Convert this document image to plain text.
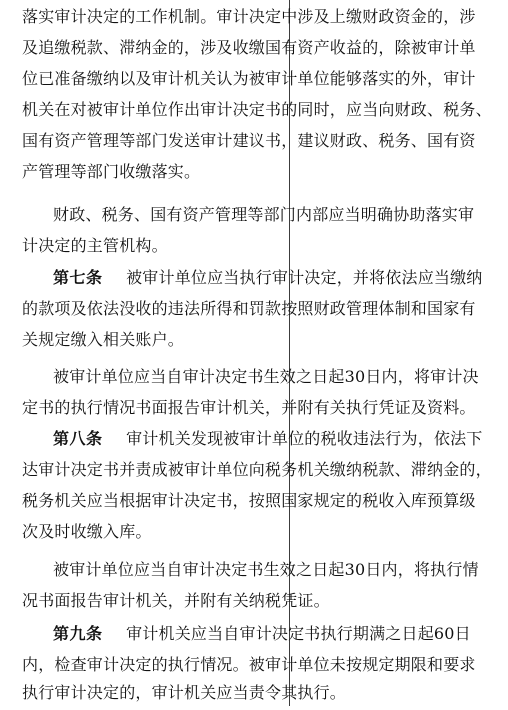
落实审计决定的工作机制。审计决定中涉及上缴财政资金的，涉
及追缴税款、滞纳金的，涉及收缴国有资产收益的，除被审计单
位已准备缴纳以及审计机关认为被审计单位能够落实的外，审计
机关在对被审计单位作出审计决定书的同时，应当向财政、税务、
国有资产管理等部门发送审计建议书，建议财政、税务、国有资
产管理等部门收缴落实。
财政、税务、国有资产管理等部门内部应当明确协助落实审
计决定的主管机构。
第七条 被审计单位应当执行审计决定，并将依法应当缴纳
的款项及依法没收的违法所得和罚款按照财政管理体制和国家有
关规定缴入相关账户。
被审计单位应当自审计决定书生效之日起30日内，将审计决
定书的执行情况书面报告审计机关，并附有关执行凭证及资料。
第八条 审计机关发现被审计单位的税收违法行为，依法下
达审计决定书并责成被审计单位向税务机关缴纳税款、滞纳金的，
税务机关应当根据审计决定书，按照国家规定的税收入库预算级
次及时收缴入库。
被审计单位应当自审计决定书生效之日起30日内，将执行情
况书面报告审计机关，并附有关纳税凭证。
第九条 审计机关应当自审计决定书执行期满之日起60日
内，检查审计决定的执行情况。被审计单位未按规定期限和要求
执行审计决定的，审计机关应当责令其执行。
